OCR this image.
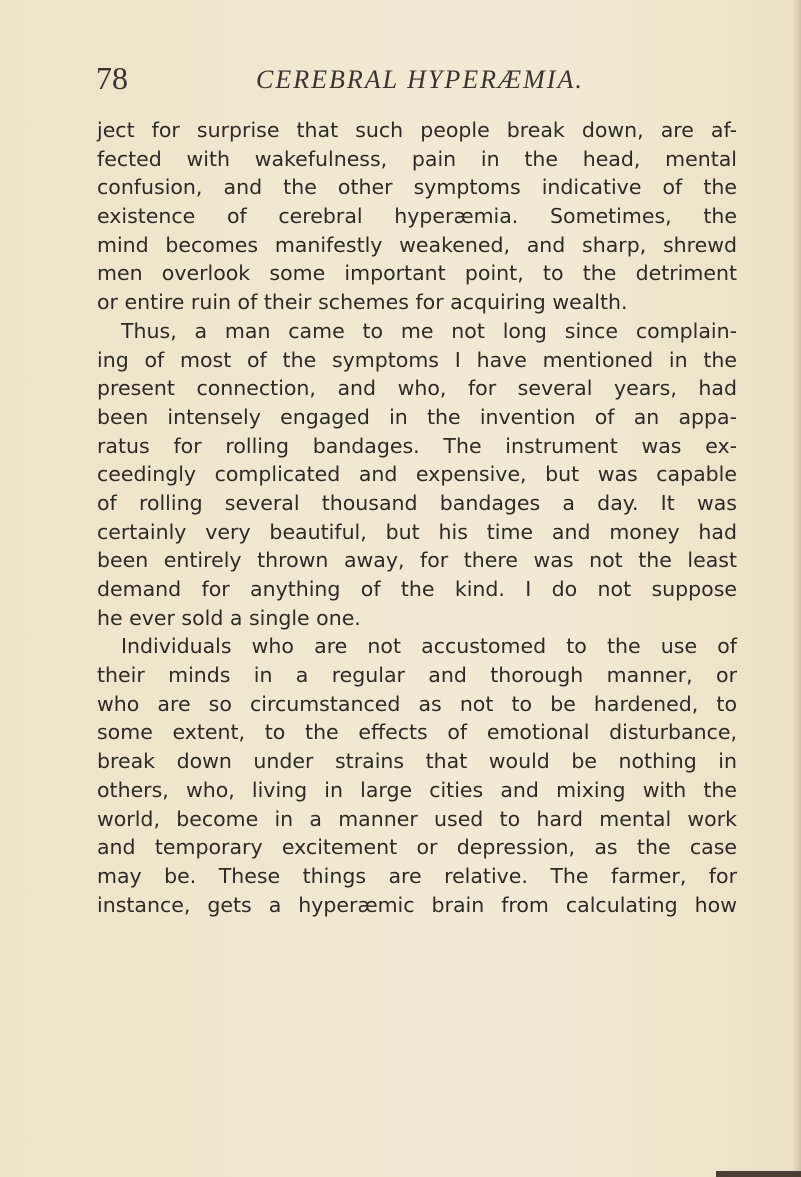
78	CEREBRAL HYPERÆMIA.
ject for surprise that such people break down, are af-
fected with wakefulness, pain in the head, mental
confusion, and the other symptoms indicative of the
existence of cerebral hyperæmia. Sometimes, the
mind becomes manifestly weakened, and sharp, shrewd
men overlook some important point, to the detriment
or entire ruin of their schemes for acquiring wealth.
Thus, a man came to me not long since complain-
ing of most of the symptoms I have mentioned in the
present connection, and who, for several years, had
been intensely engaged in the invention of an appa-
ratus for rolling bandages. The instrument was ex-
ceedingly complicated and expensive, but was capable
of rolling several thousand bandages a day. It was
certainly very beautiful, but his time and money had
been entirely thrown away, for there was not the least
demand for anything of the kind. I do not suppose
he ever sold a single one.
Individuals who are not accustomed to the use of
their minds in a regular and thorough manner, or
who are so circumstanced as not to be hardened, to
some extent, to the effects of emotional disturbance,
break down under strains that would be nothing in
others, who, living in large cities and mixing with the
world, become in a manner used to hard mental work
and temporary excitement or depression, as the case
may be. These things are relative. The farmer, for
instance, gets a hyperæmic brain from calculating how
